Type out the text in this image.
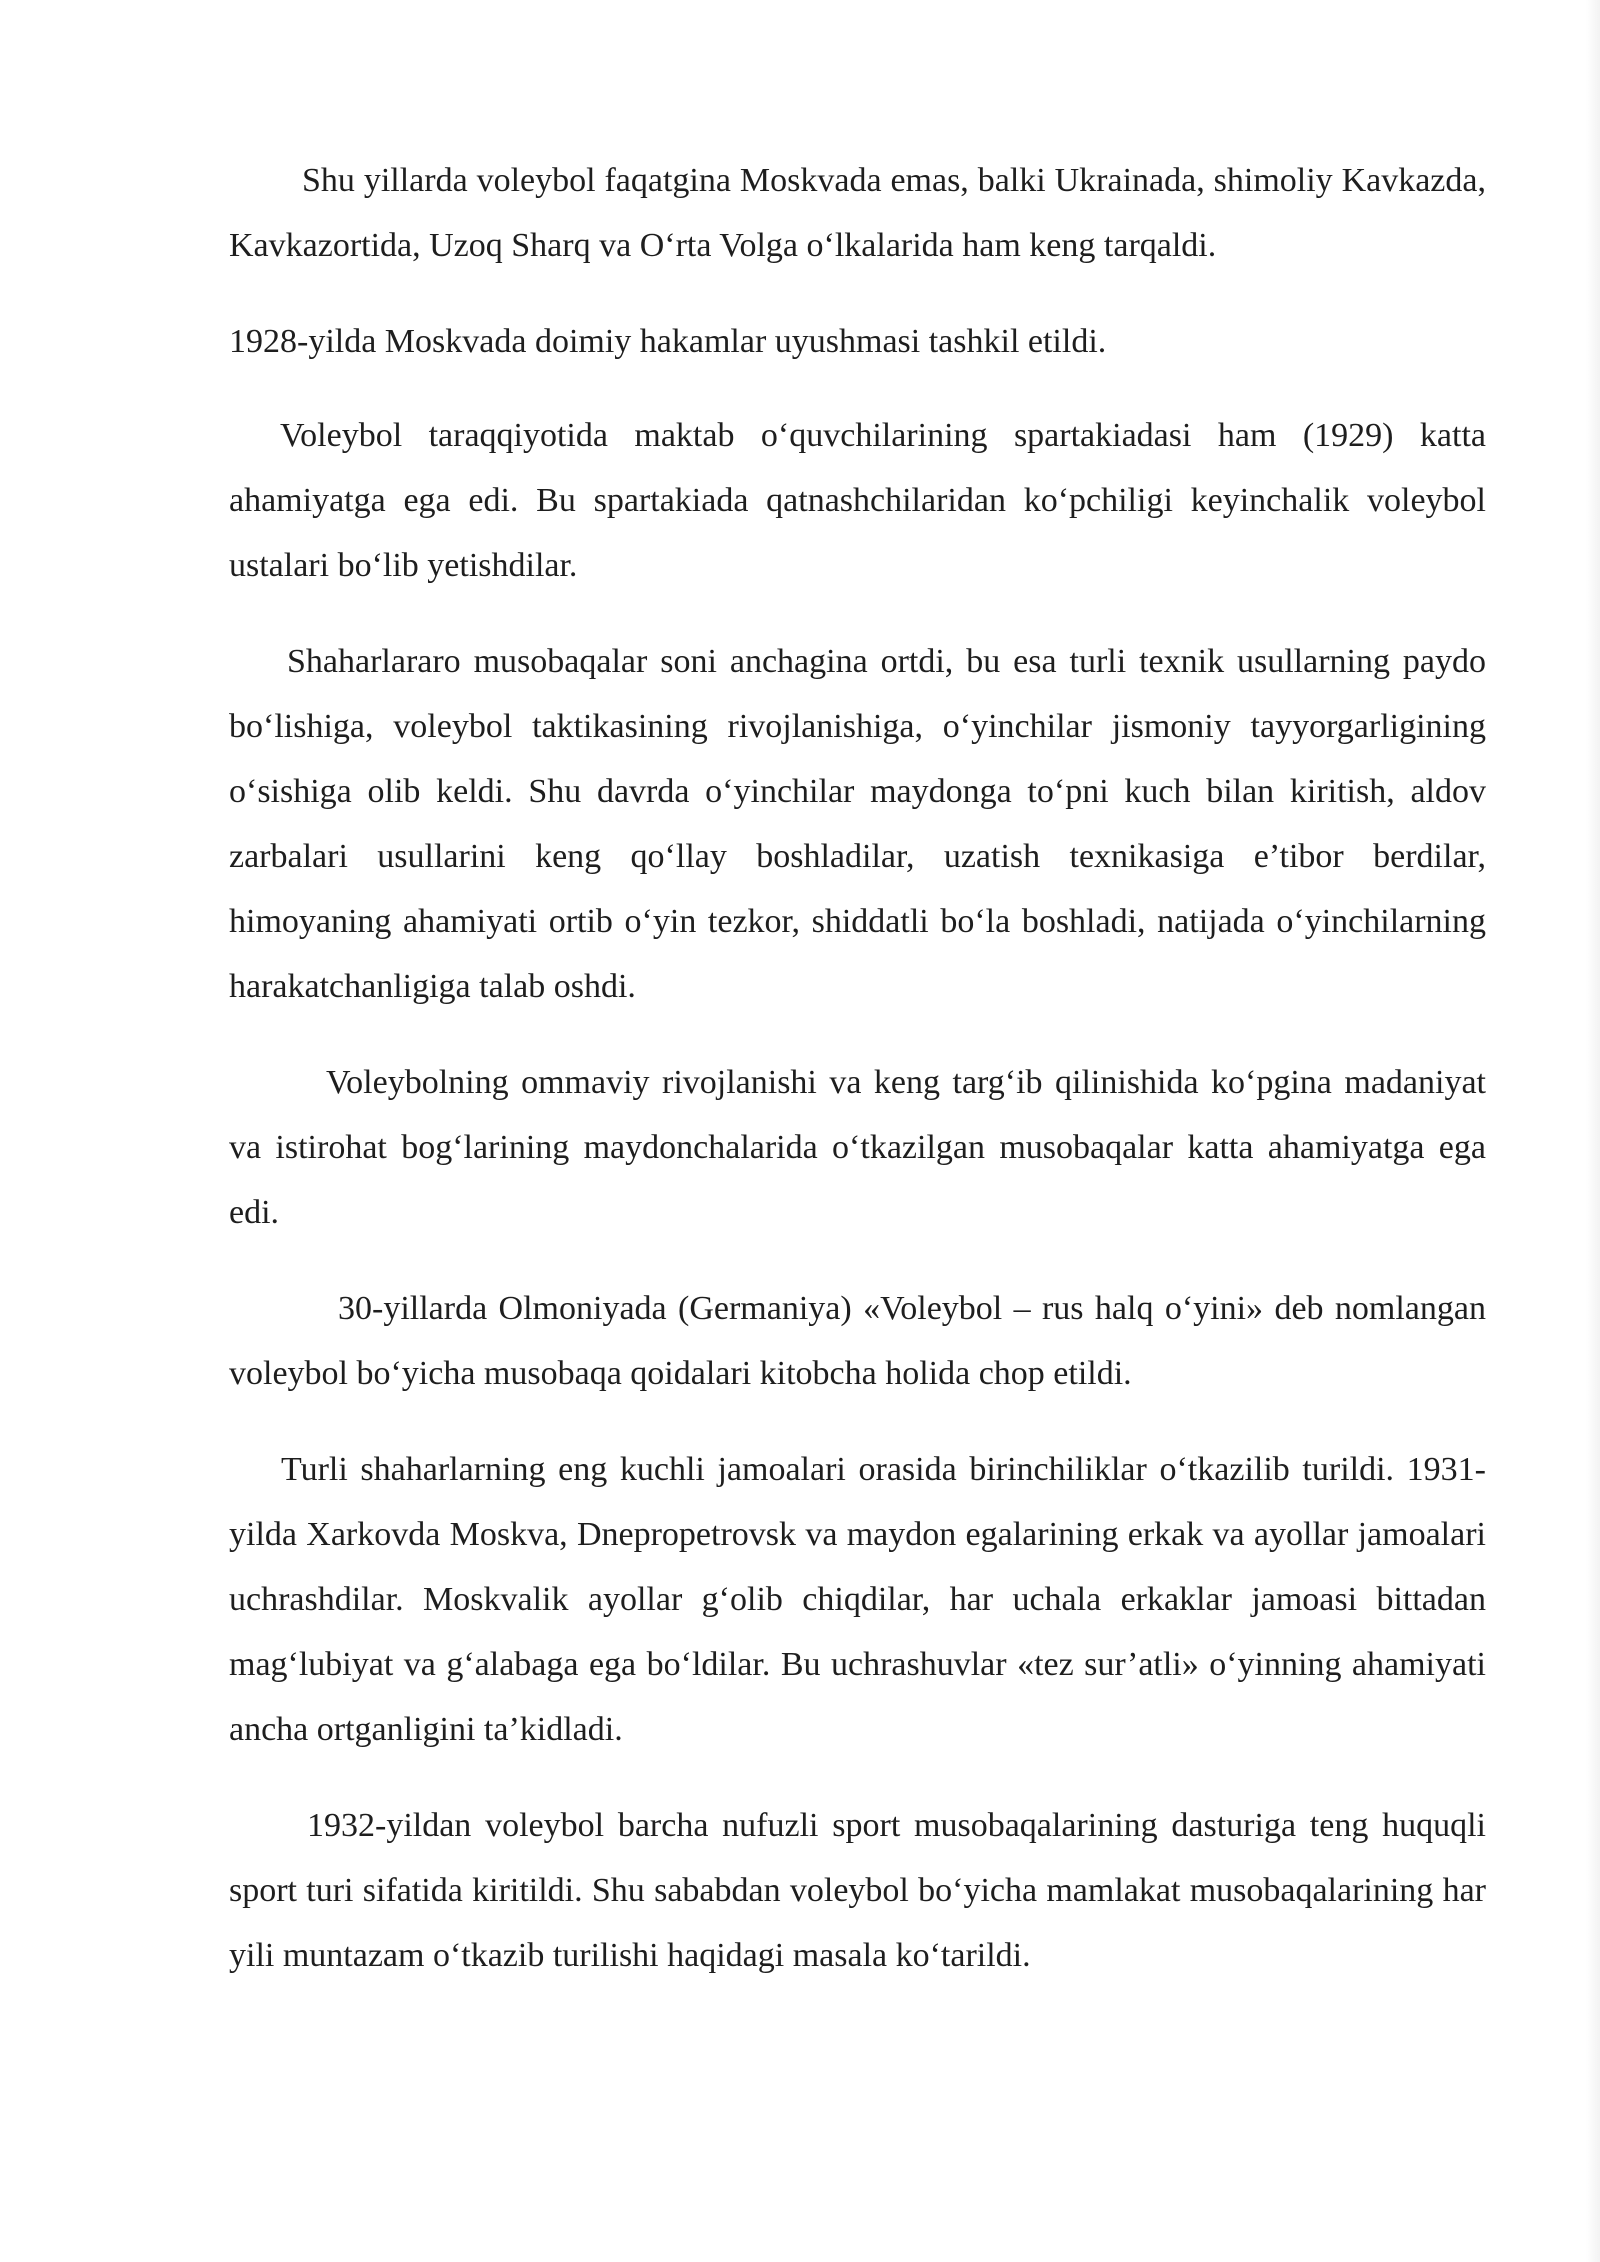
Shu yillarda voleybol faqatgina Moskvada emas, balki Ukrainada, shimoliy Kavkazda, Kavkazortida, Uzoq Sharq va O‘rta Volga o‘lkalarida ham keng tarqaldi.

1928-yilda Moskvada doimiy hakamlar uyushmasi tashkil etildi.

Voleybol taraqqiyotida maktab o‘quvchilarining spartakiadasi ham (1929) katta ahamiyatga ega edi. Bu spartakiada qatnashchilaridan ko‘pchiligi keyinchalik voleybol ustalari bo‘lib yetishdilar.

Shaharlararo musobaqalar soni anchagina ortdi, bu esa turli texnik usullarning paydo bo‘lishiga, voleybol taktikasining rivojlanishiga, o‘yinchilar jismoniy tayyorgarligining o‘sishiga olib keldi. Shu davrda o‘yinchilar maydonga to‘pni kuch bilan kiritish, aldov zarbalari usullarini keng qo‘llay boshladilar, uzatish texnikasiga e’tibor berdilar, himoyaning ahamiyati ortib o‘yin tezkor, shiddatli bo‘la boshladi, natijada o‘yinchilarning harakatchanligiga talab oshdi.

Voleybolning ommaviy rivojlanishi va keng targ‘ib qilinishida ko‘pgina madaniyat va istirohat bog‘larining maydonchalarida o‘tkazilgan musobaqalar katta ahamiyatga ega edi.

30-yillarda Olmoniyada (Germaniya) «Voleybol – rus halq o‘yini» deb nomlangan voleybol bo‘yicha musobaqa qoidalari kitobcha holida chop etildi.

Turli shaharlarning eng kuchli jamoalari orasida birinchiliklar o‘tkazilib turildi. 1931-yilda Xarkovda Moskva, Dnepropetrovsk va maydon egalarining erkak va ayollar jamoalari uchrashdilar. Moskvalik ayollar g‘olib chiqdilar, har uchala erkaklar jamoasi bittadan mag‘lubiyat va g‘alabaga ega bo‘ldilar. Bu uchrashuvlar «tez sur’atli» o‘yinning ahamiyati ancha ortganligini ta’kidladi.

1932-yildan voleybol barcha nufuzli sport musobaqalarining dasturiga teng huquqli sport turi sifatida kiritildi. Shu sababdan voleybol bo‘yicha mamlakat musobaqalarining har yili muntazam o‘tkazib turilishi haqidagi masala ko‘tarildi.
